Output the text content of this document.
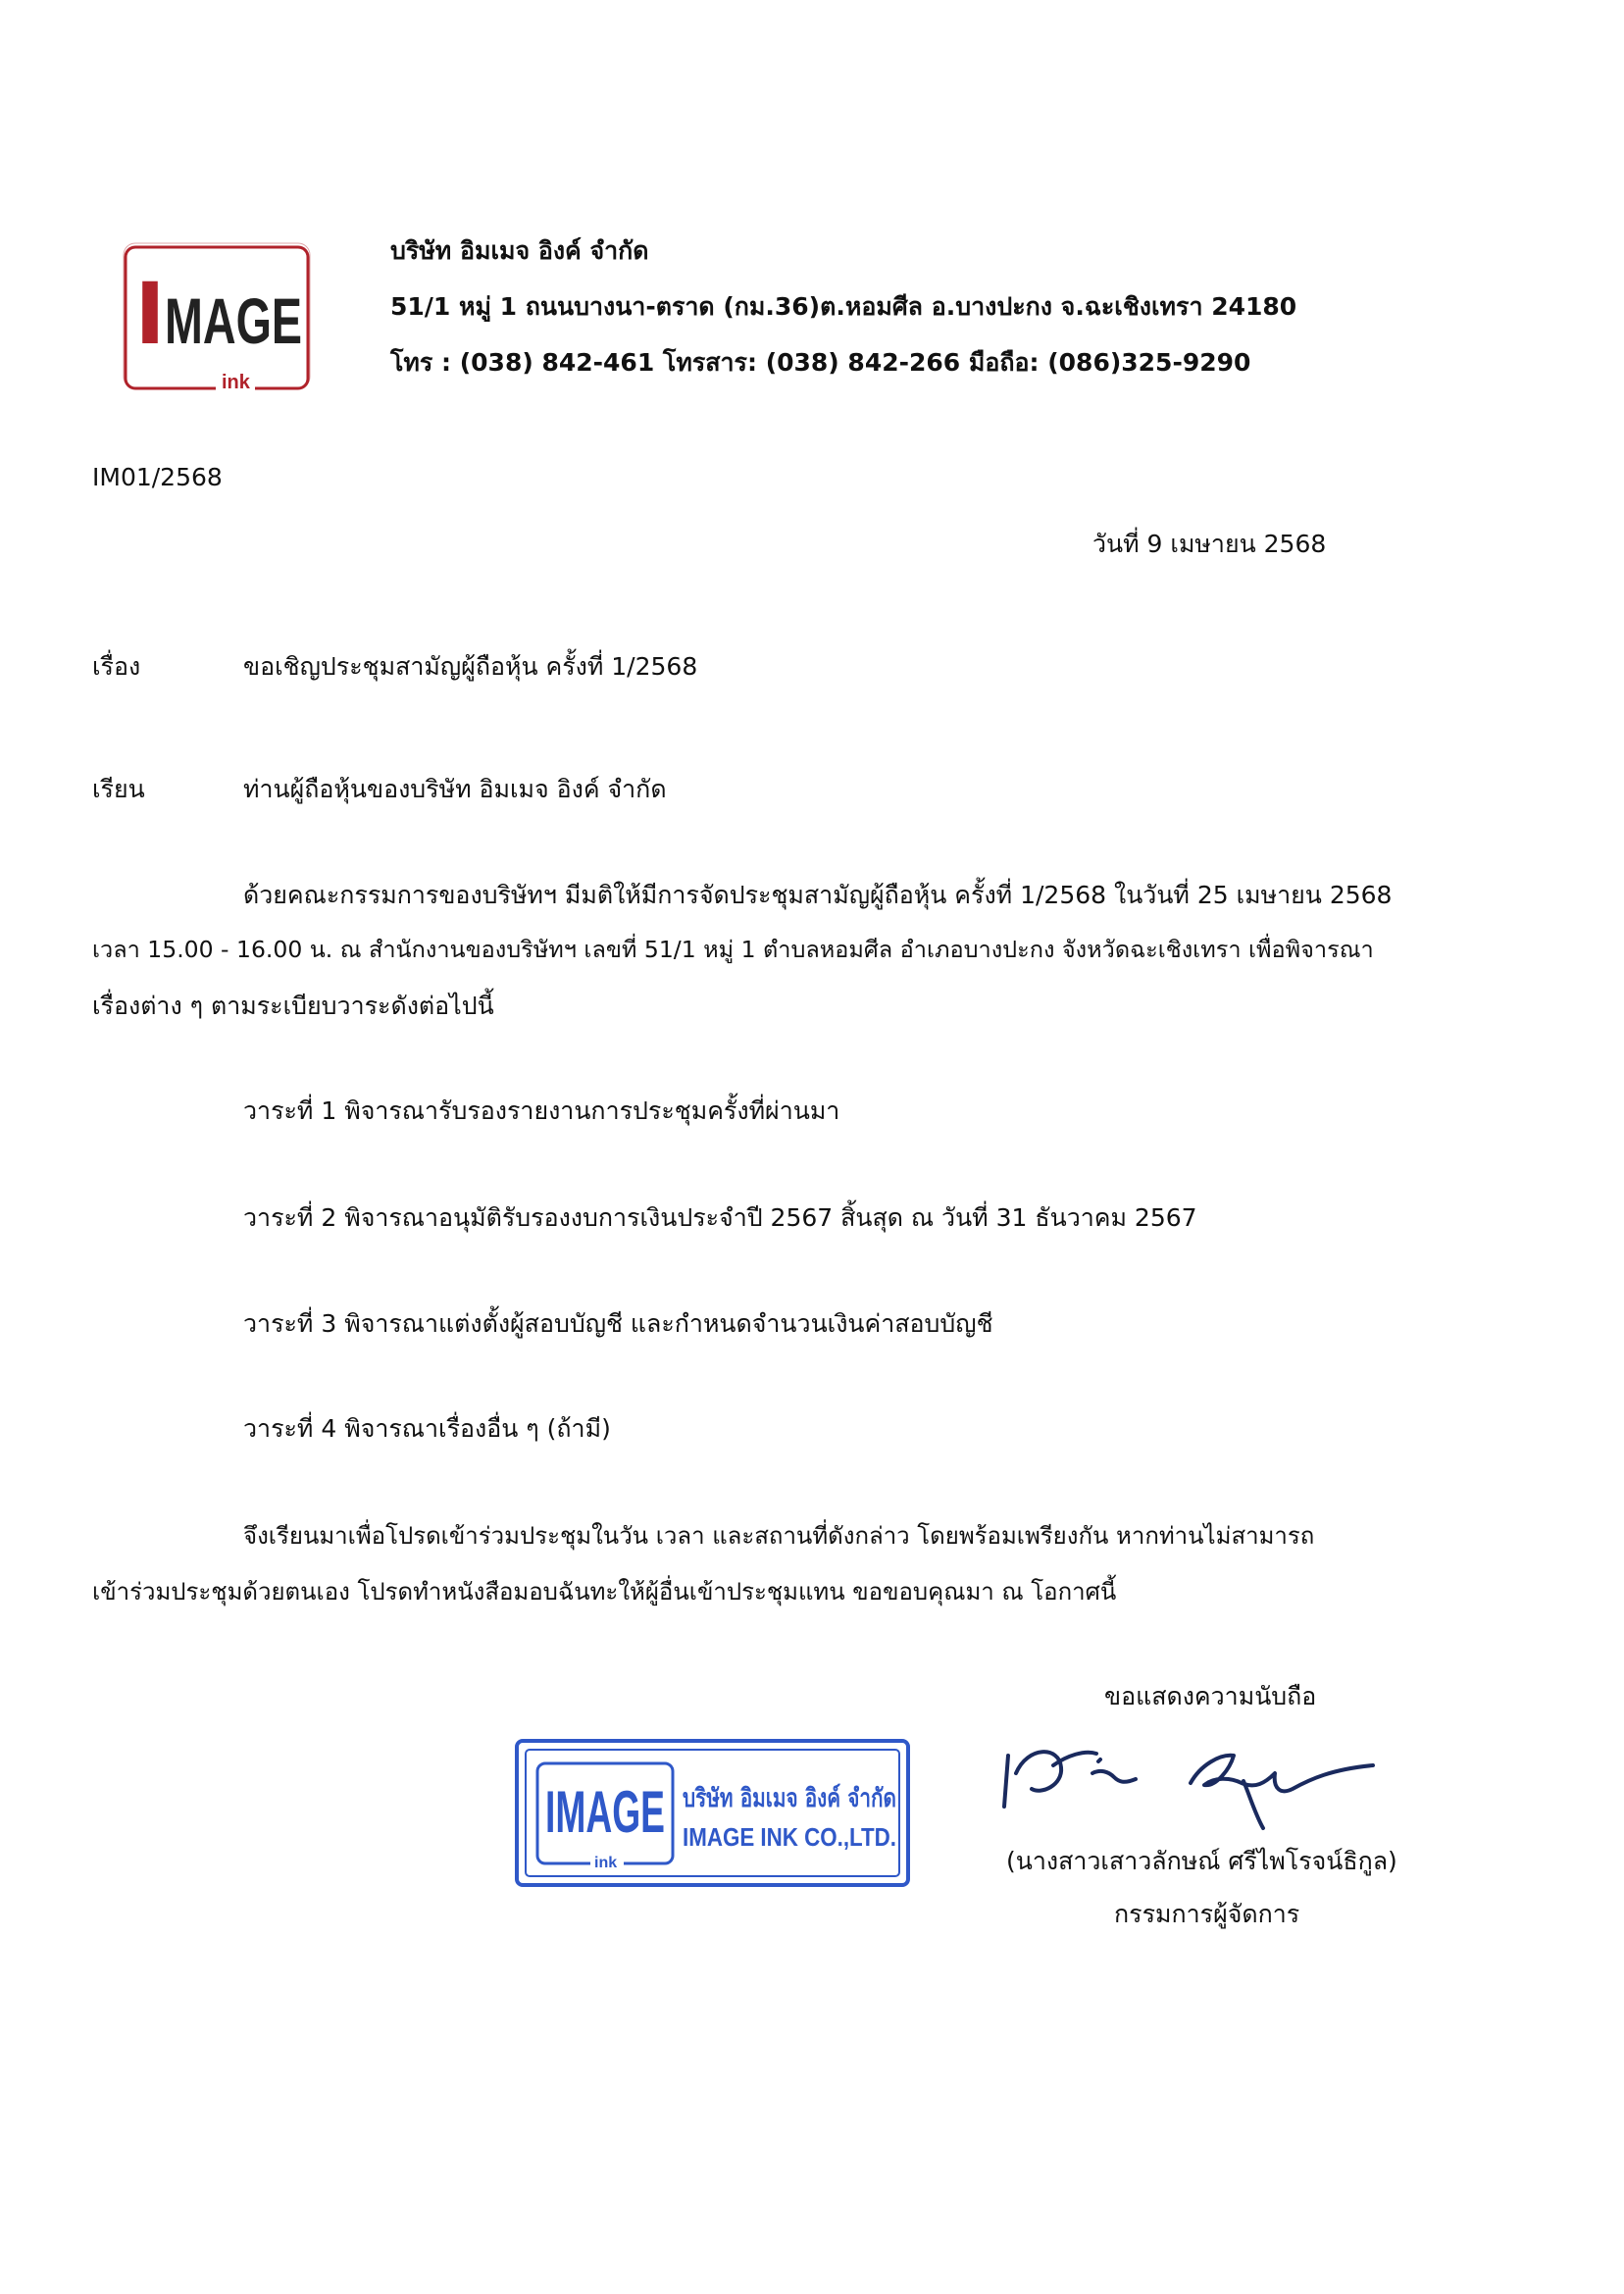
I MAGE
ink
บริษัท อิมเมจ อิงค์ จำกัด
51/1 หมู่ 1 ถนนบางนา-ตราด (กม.36)ต.หอมศีล อ.บางปะกง จ.ฉะเชิงเทรา 24180
โทร : (038) 842-461 โทรสาร: (038) 842-266 มือถือ: (086)325-9290
IM01/2568
วันที่ 9 เมษายน 2568
เรื่อง	ขอเชิญประชุมสามัญผู้ถือหุ้น ครั้งที่ 1/2568
เรียน	ท่านผู้ถือหุ้นของบริษัท อิมเมจ อิงค์ จำกัด
ด้วยคณะกรรมการของบริษัทฯ มีมติให้มีการจัดประชุมสามัญผู้ถือหุ้น ครั้งที่ 1/2568 ในวันที่ 25 เมษายน 2568
เวลา 15.00 - 16.00 น. ณ สำนักงานของบริษัทฯ เลขที่ 51/1 หมู่ 1 ตำบลหอมศีล อำเภอบางปะกง จังหวัดฉะเชิงเทรา เพื่อพิจารณา
เรื่องต่าง ๆ ตามระเบียบวาระดังต่อไปนี้
วาระที่ 1 พิจารณารับรองรายงานการประชุมครั้งที่ผ่านมา
วาระที่ 2 พิจารณาอนุมัติรับรองงบการเงินประจำปี 2567 สิ้นสุด ณ วันที่ 31 ธันวาคม 2567
วาระที่ 3 พิจารณาแต่งตั้งผู้สอบบัญชี และกำหนดจำนวนเงินค่าสอบบัญชี
วาระที่ 4 พิจารณาเรื่องอื่น ๆ (ถ้ามี)
จึงเรียนมาเพื่อโปรดเข้าร่วมประชุมในวัน เวลา และสถานที่ดังกล่าว โดยพร้อมเพรียงกัน หากท่านไม่สามารถ
เข้าร่วมประชุมด้วยตนเอง โปรดทำหนังสือมอบฉันทะให้ผู้อื่นเข้าประชุมแทน ขอขอบคุณมา ณ โอกาศนี้
ขอแสดงความนับถือ
IMAGE
ink
บริษัท อิมเมจ อิงค์ จำกัด
IMAGE INK CO.,LTD.
(นางสาวเสาวลักษณ์ ศรีไพโรจน์ธิกูล)
กรรมการผู้จัดการ
